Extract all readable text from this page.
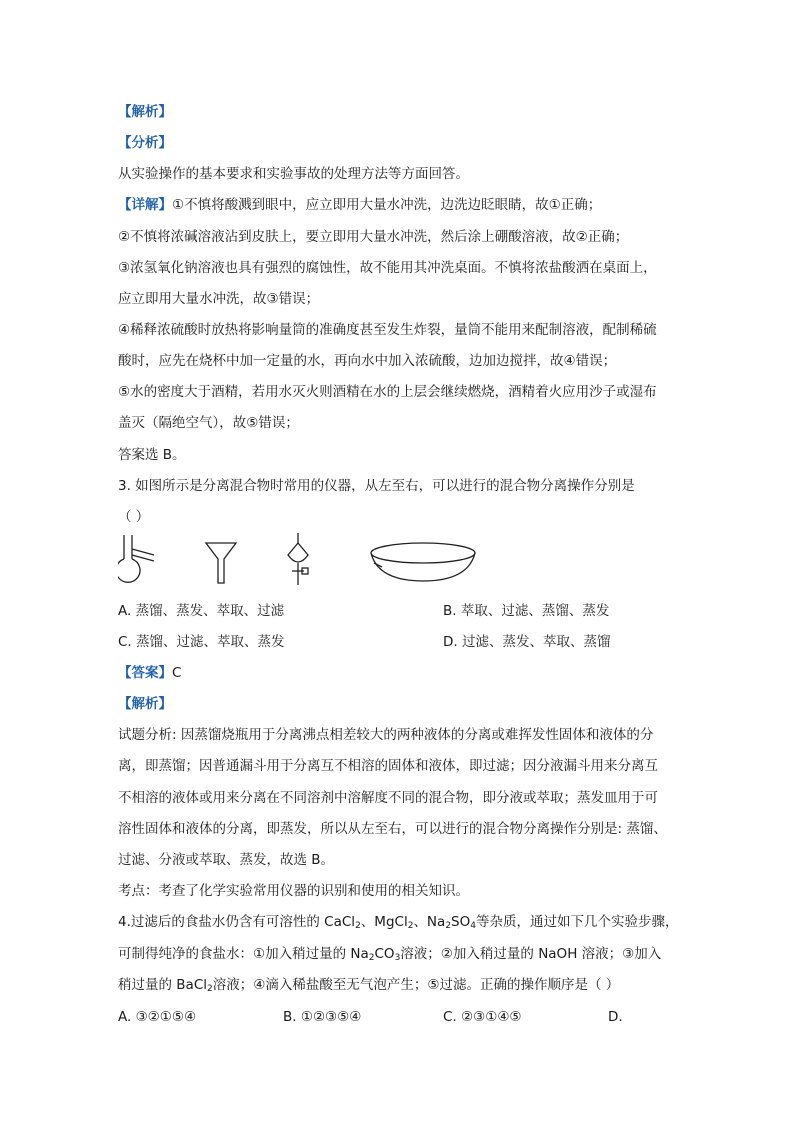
【解析】
【分析】
从实验操作的基本要求和实验事故的处理方法等方面回答。
【详解】①不慎将酸溅到眼中，应立即用大量水冲洗，边洗边眨眼睛，故①正确；
②不慎将浓碱溶液沾到皮肤上，要立即用大量水冲洗，然后涂上硼酸溶液，故②正确；
③浓氢氧化钠溶液也具有强烈的腐蚀性，故不能用其冲洗桌面。不慎将浓盐酸洒在桌面上，
应立即用大量水冲洗，故③错误；
④稀释浓硫酸时放热将影响量筒的准确度甚至发生炸裂，量筒不能用来配制溶液，配制稀硫
酸时，应先在烧杯中加一定量的水，再向水中加入浓硫酸，边加边搅拌，故④错误；
⑤水的密度大于酒精，若用水灭火则酒精在水的上层会继续燃烧，酒精着火应用沙子或湿布
盖灭（隔绝空气），故⑤错误；
答案选 B。
3. 如图所示是分离混合物时常用的仪器，从左至右，可以进行的混合物分离操作分别是
（ ）
A. 蒸馏、蒸发、萃取、过滤	B. 萃取、过滤、蒸馏、蒸发
C. 蒸馏、过滤、萃取、蒸发	D. 过滤、蒸发、萃取、蒸馏
【答案】C
【解析】
试题分析: 因蒸馏烧瓶用于分离沸点相差较大的两种液体的分离或难挥发性固体和液体的分
离，即蒸馏；因普通漏斗用于分离互不相溶的固体和液体，即过滤；因分液漏斗用来分离互
不相溶的液体或用来分离在不同溶剂中溶解度不同的混合物，即分液或萃取；蒸发皿用于可
溶性固体和液体的分离，即蒸发，所以从左至右，可以进行的混合物分离操作分别是: 蒸馏、
过滤、分液或萃取、蒸发，故选 B。
考点：考查了化学实验常用仪器的识别和使用的相关知识。
4.过滤后的食盐水仍含有可溶性的 CaCl$_2$、MgCl$_2$、$Na_2SO_4$等杂质，通过如下几个实验步骤，
可制得纯净的食盐水：①加入稍过量的 $Na_2CO_3$溶液；②加入稍过量的 NaOH 溶液；③加入
稍过量的 BaCl$_2$溶液；④滴入稀盐酸至无气泡产生；⑤过滤。正确的操作顺序是（ ）
A. ③②①⑤④	B. ①②③⑤④	C. ②③①④⑤	D.
